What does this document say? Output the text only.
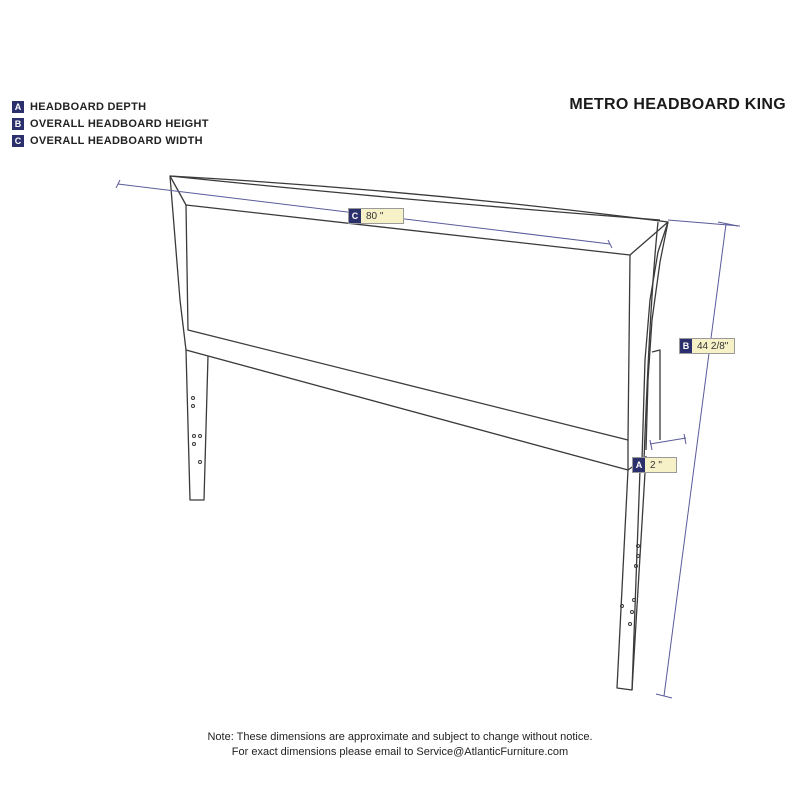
A HEADBOARD DEPTH
B OVERALL HEADBOARD HEIGHT
C OVERALL HEADBOARD WIDTH
METRO HEADBOARD KING
C 80 "
B 44 2/8"
A 2 "
Note: These dimensions are approximate and subject to change without notice.
For exact dimensions please email to Service@AtlanticFurniture.com
